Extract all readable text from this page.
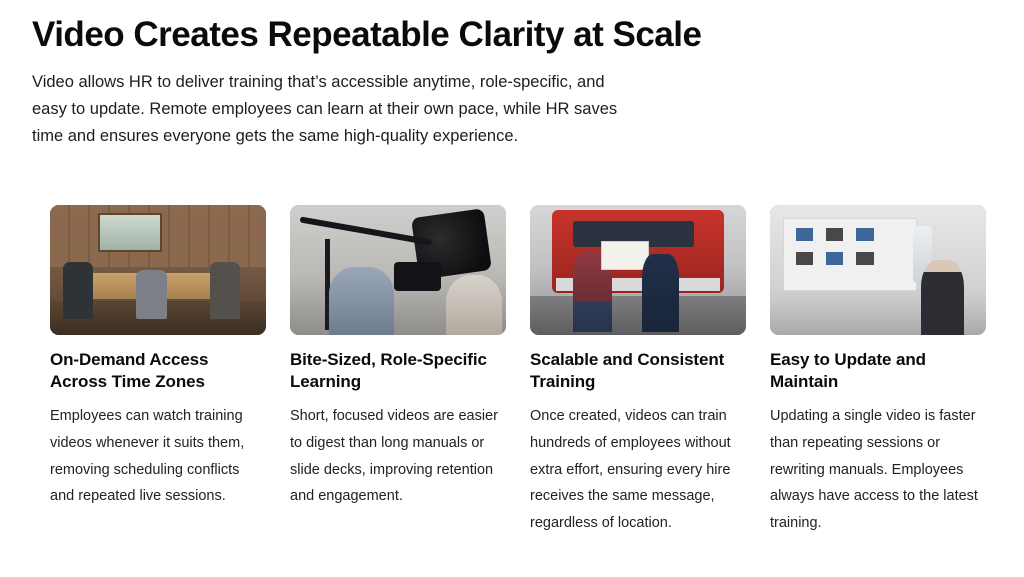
Video Creates Repeatable Clarity at Scale

Video allows HR to deliver training that’s accessible anytime, role-specific, and easy to update. Remote employees can learn at their own pace, while HR saves time and ensures everyone gets the same high-quality experience.

On-Demand Access Across Time Zones
Employees can watch training videos whenever it suits them, removing scheduling conflicts and repeated live sessions.
Bite-Sized, Role-Specific Learning
Short, focused videos are easier to digest than long manuals or slide decks, improving retention and engagement.
Scalable and Consistent Training
Once created, videos can train hundreds of employees without extra effort, ensuring every hire receives the same message, regardless of location.
Easy to Update and Maintain
Updating a single video is faster than repeating sessions or rewriting manuals. Employees always have access to the latest training.
